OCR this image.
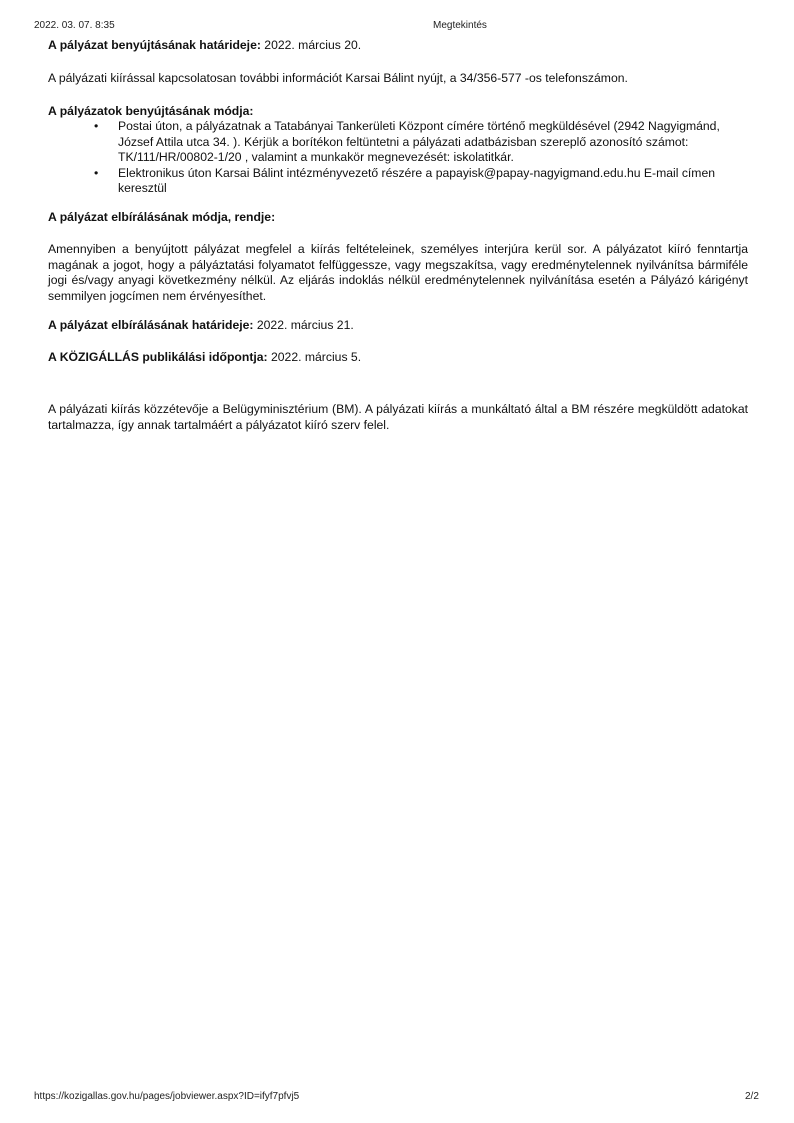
2022. 03. 07. 8:35	Megtekintés

A pályázat benyújtásának határideje: 2022. március 20.

A pályázati kiírással kapcsolatosan további információt Karsai Bálint nyújt, a 34/356-577 -os telefonszámon.

A pályázatok benyújtásának módja:

• Postai úton, a pályázatnak a Tatabányai Tankerületi Központ címére történő megküldésével (2942 Nagyigmánd, József Attila utca 34. ). Kérjük a borítékon feltüntetni a pályázati adatbázisban szereplő azonosító számot: TK/111/HR/00802-1/20 , valamint a munkakör megnevezését: iskolatitkár.
• Elektronikus úton Karsai Bálint intézményvezető részére a papayisk@papay-nagyigmand.edu.hu E-mail címen keresztül

A pályázat elbírálásának módja, rendje:

Amennyiben a benyújtott pályázat megfelel a kiírás feltételeinek, személyes interjúra kerül sor. A pályázatot kiíró fenntartja magának a jogot, hogy a pályáztatási folyamatot felfüggessze, vagy megszakítsa, vagy eredménytelennek nyilvánítsa bármiféle jogi és/vagy anyagi következmény nélkül. Az eljárás indoklás nélkül eredménytelennek nyilvánítása esetén a Pályázó kárigényt semmilyen jogcímen nem érvényesíthet.

A pályázat elbírálásának határideje: 2022. március 21.

A KÖZIGÁLLÁS publikálási időpontja: 2022. március 5.

A pályázati kiírás közzétevője a Belügyminisztérium (BM). A pályázati kiírás a munkáltató által a BM részére megküldött adatokat tartalmazza, így annak tartalmáért a pályázatot kiíró szerv felel.

https://kozigallas.gov.hu/pages/jobviewer.aspx?ID=ifyf7pfvj5	2/2
